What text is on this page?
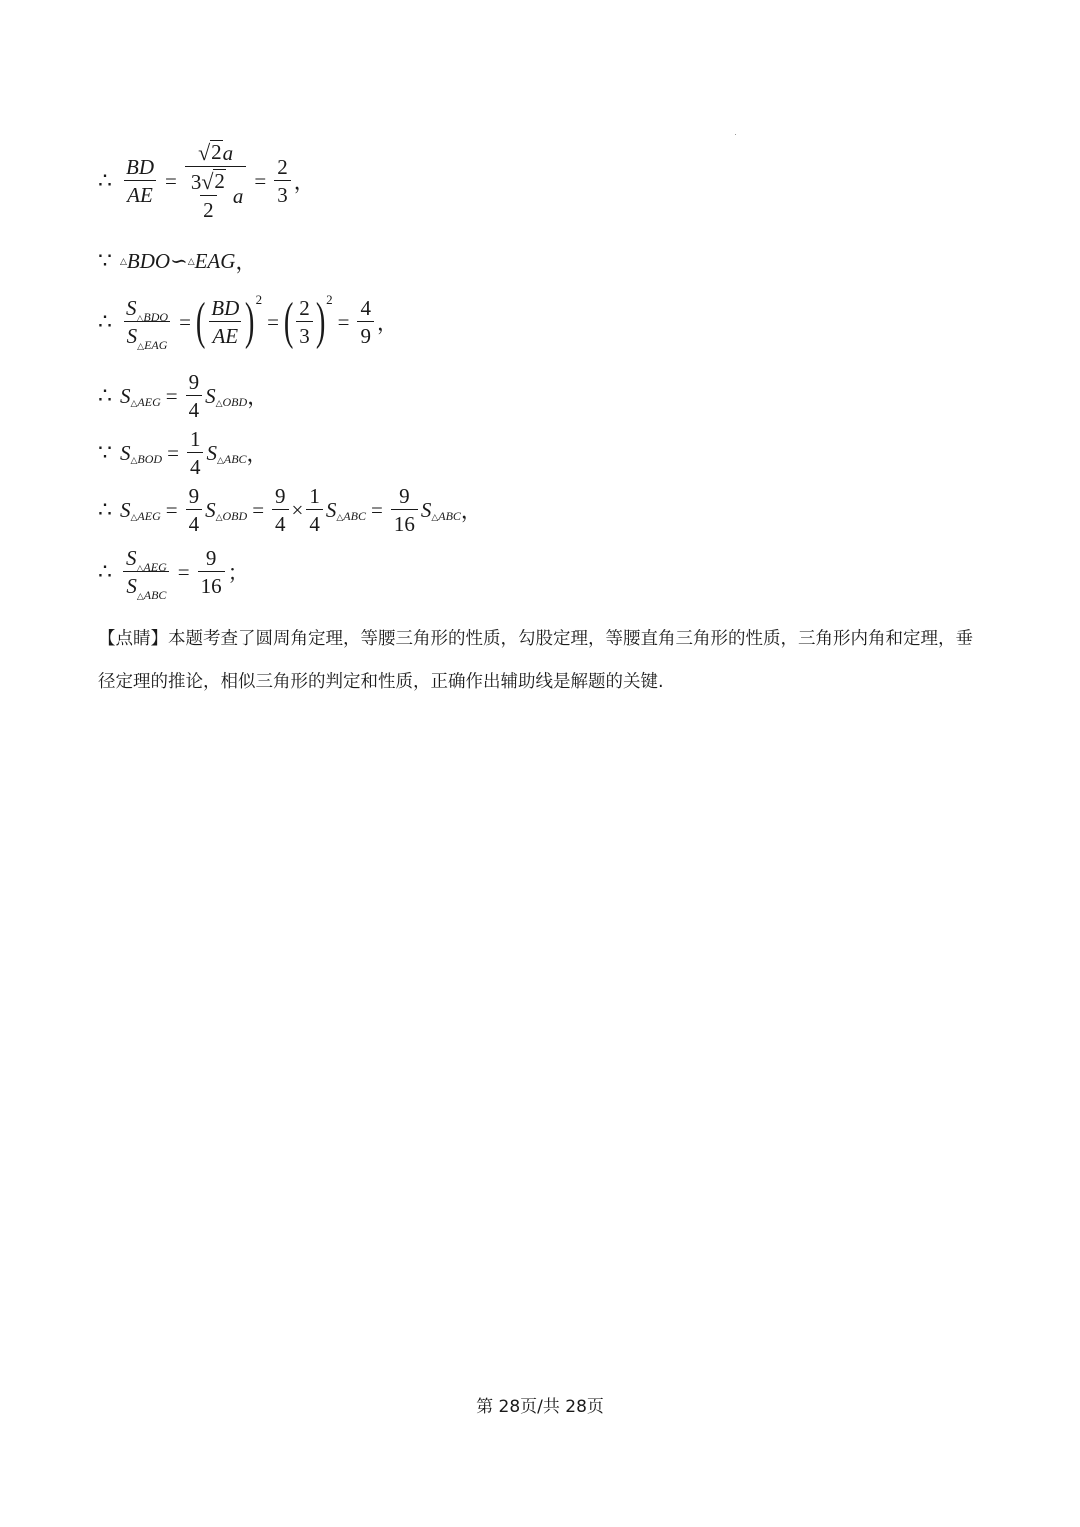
∴ $\frac{BD}{AE} = \frac{√ 2 a}{\frac{3 √ 2}{2} a} = \frac{2}{3}$ ，
∵ △ BDO∽ △ EAG ，
∴ $\frac{S_{\triangle BDO}}{S_{\triangle EAG}}$ = ( $\frac{BD}{AE}$ ) 2
= ( $\frac{2}{3}$ ) 2
= $\frac{4}{9}$ ，
∴ S △AEG = $\frac{9}{4}$ S △OBD ，
∵ S △BOD = $\frac{1}{4}$ S △ABC ，
∴ S △AEG = $\frac{9}{4}$ S △OBD = $\frac{9}{4} \times \frac{1}{4}$ S △ABC = $\frac{9}{16}$ S △ABC ，
∴ $\frac{S_{\triangle AEG}}{S_{\triangle ABC}} = \frac{9}{16}$ ；
【点睛】本题考查了圆周角定理，等腰三角形的性质，勾股定理，等腰直角三角形的性质，三角形内角和定理，垂径定理的推论，相似三角形的判定和性质，正确作出辅助线是解题的关键.
第 28页/共 28页
